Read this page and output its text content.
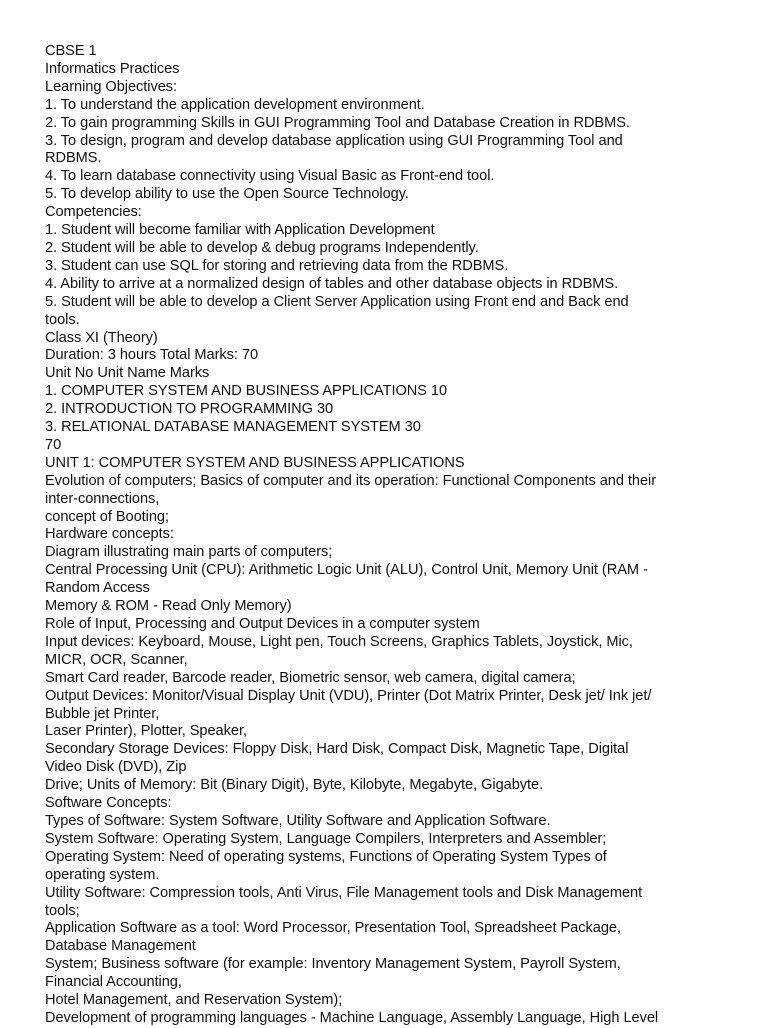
CBSE 1
Informatics Practices
Learning Objectives:
1. To understand the application development environment.
2. To gain programming Skills in GUI Programming Tool and Database Creation in RDBMS.
3. To design, program and develop database application using GUI Programming Tool and
RDBMS.
4. To learn database connectivity using Visual Basic as Front-end tool.
5. To develop ability to use the Open Source Technology.
Competencies:
1. Student will become familiar with Application Development
2. Student will be able to develop & debug programs Independently.
3. Student can use SQL for storing and retrieving data from the RDBMS.
4. Ability to arrive at a normalized design of tables and other database objects in RDBMS.
5. Student will be able to develop a Client Server Application using Front end and Back end
tools.
Class XI (Theory)
Duration: 3 hours Total Marks: 70
Unit No Unit Name Marks
1. COMPUTER SYSTEM AND BUSINESS APPLICATIONS 10
2. INTRODUCTION TO PROGRAMMING 30
3. RELATIONAL DATABASE MANAGEMENT SYSTEM 30
70
UNIT 1: COMPUTER SYSTEM AND BUSINESS APPLICATIONS
Evolution of computers; Basics of computer and its operation: Functional Components and their
inter-connections,
concept of Booting;
Hardware concepts:
Diagram illustrating main parts of computers;
Central Processing Unit (CPU): Arithmetic Logic Unit (ALU), Control Unit, Memory Unit (RAM -
Random Access
Memory & ROM - Read Only Memory)
Role of Input, Processing and Output Devices in a computer system
Input devices: Keyboard, Mouse, Light pen, Touch Screens, Graphics Tablets, Joystick, Mic,
MICR, OCR, Scanner,
Smart Card reader, Barcode reader, Biometric sensor, web camera, digital camera;
Output Devices: Monitor/Visual Display Unit (VDU), Printer (Dot Matrix Printer, Desk jet/ Ink jet/
Bubble jet Printer,
Laser Printer), Plotter, Speaker,
Secondary Storage Devices: Floppy Disk, Hard Disk, Compact Disk, Magnetic Tape, Digital
Video Disk (DVD), Zip
Drive; Units of Memory: Bit (Binary Digit), Byte, Kilobyte, Megabyte, Gigabyte.
Software Concepts:
Types of Software: System Software, Utility Software and Application Software.
System Software: Operating System, Language Compilers, Interpreters and Assembler;
Operating System: Need of operating systems, Functions of Operating System Types of
operating system.
Utility Software: Compression tools, Anti Virus, File Management tools and Disk Management
tools;
Application Software as a tool: Word Processor, Presentation Tool, Spreadsheet Package,
Database Management
System; Business software (for example: Inventory Management System, Payroll System,
Financial Accounting,
Hotel Management, and Reservation System);
Development of programming languages - Machine Language, Assembly Language, High Level
